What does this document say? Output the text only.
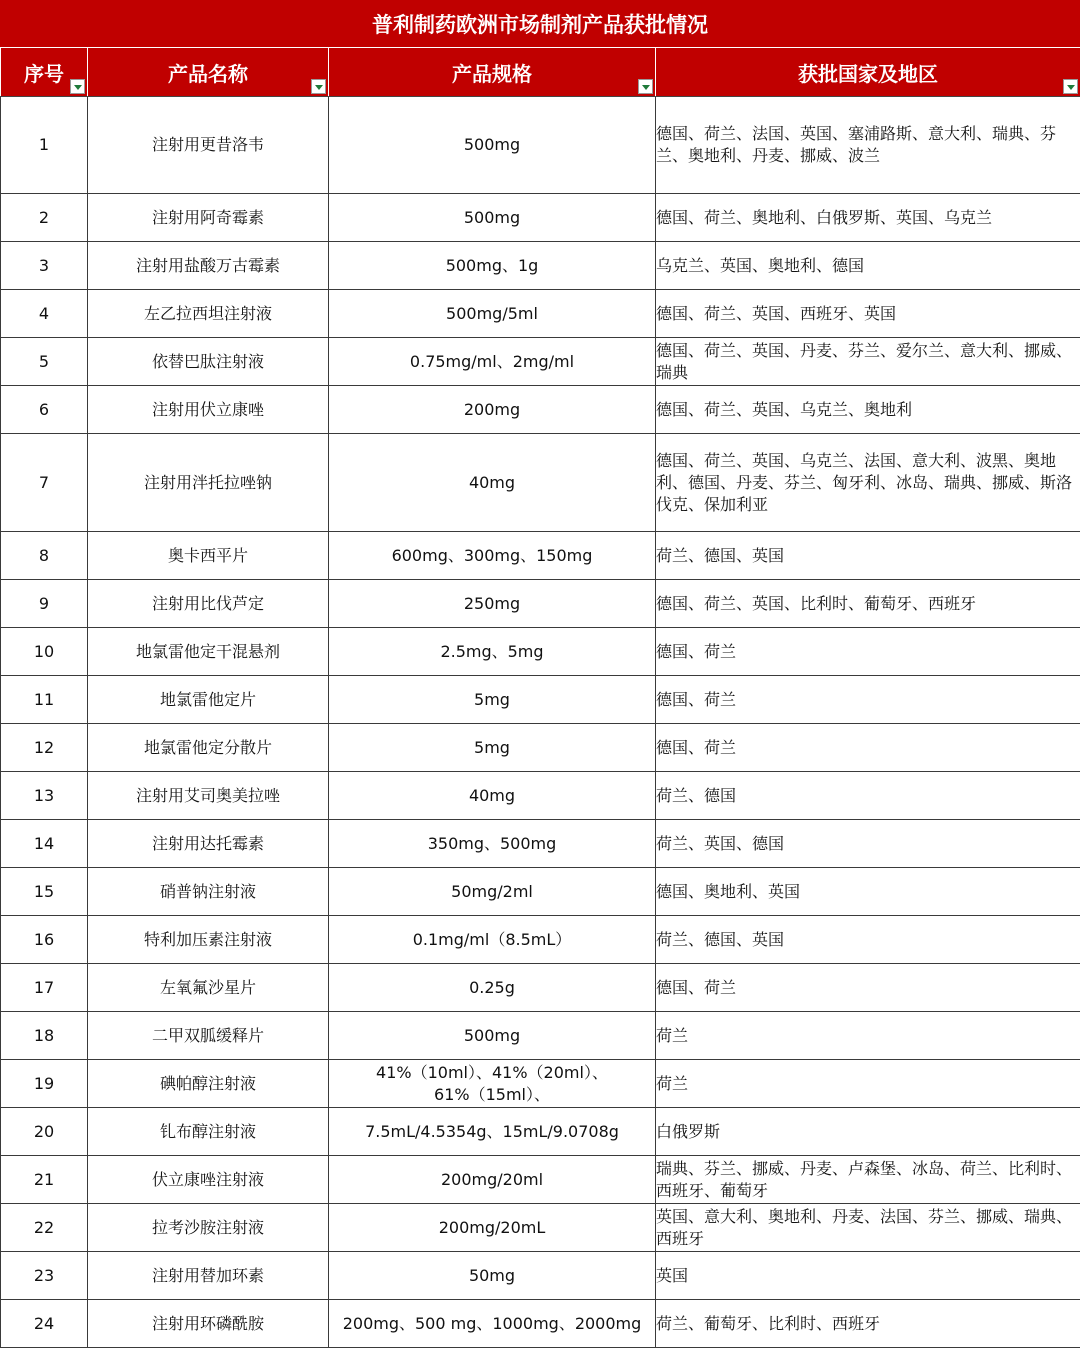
普利制药欧洲市场制剂产品获批情况
序号	产品名称	产品规格	获批国家及地区

1	注射用更昔洛韦	500mg	德国、荷兰、法国、英国、塞浦路斯、意大利、瑞典、芬兰、奥地利、丹麦、挪威、波兰
2	注射用阿奇霉素	500mg	德国、荷兰、奥地利、白俄罗斯、英国、乌克兰
3	注射用盐酸万古霉素	500mg、1g	乌克兰、英国、奥地利、德国
4	左乙拉西坦注射液	500mg/5ml	德国、荷兰、英国、西班牙、英国
5	依替巴肽注射液	0.75mg/ml、2mg/ml	德国、荷兰、英国、丹麦、芬兰、爱尔兰、意大利、挪威、瑞典
6	注射用伏立康唑	200mg	德国、荷兰、英国、乌克兰、奥地利
7	注射用泮托拉唑钠	40mg	德国、荷兰、英国、乌克兰、法国、意大利、波黑、奥地利、德国、丹麦、芬兰、匈牙利、冰岛、瑞典、挪威、斯洛伐克、保加利亚
8	奥卡西平片	600mg、300mg、150mg	荷兰、德国、英国
9	注射用比伐芦定	250mg	德国、荷兰、英国、比利时、葡萄牙、西班牙
10	地氯雷他定干混悬剂	2.5mg、5mg	德国、荷兰
11	地氯雷他定片	5mg	德国、荷兰
12	地氯雷他定分散片	5mg	德国、荷兰
13	注射用艾司奥美拉唑	40mg	荷兰、德国
14	注射用达托霉素	350mg、500mg	荷兰、英国、德国
15	硝普钠注射液	50mg/2ml	德国、奥地利、英国
16	特利加压素注射液	0.1mg/ml（8.5mL）	荷兰、德国、英国
17	左氧氟沙星片	0.25g	德国、荷兰
18	二甲双胍缓释片	500mg	荷兰
19	碘帕醇注射液	41%（10ml）、41%（20ml）、61%（15ml）、	荷兰
20	钆布醇注射液	7.5mL/4.5354g、15mL/9.0708g	白俄罗斯
21	伏立康唑注射液	200mg/20ml	瑞典、芬兰、挪威、丹麦、卢森堡、冰岛、荷兰、比利时、西班牙、葡萄牙
22	拉考沙胺注射液	200mg/20mL	英国、意大利、奥地利、丹麦、法国、芬兰、挪威、瑞典、西班牙
23	注射用替加环素	50mg	英国
24	注射用环磷酰胺	200mg、500 mg、1000mg、2000mg	荷兰、葡萄牙、比利时、西班牙
